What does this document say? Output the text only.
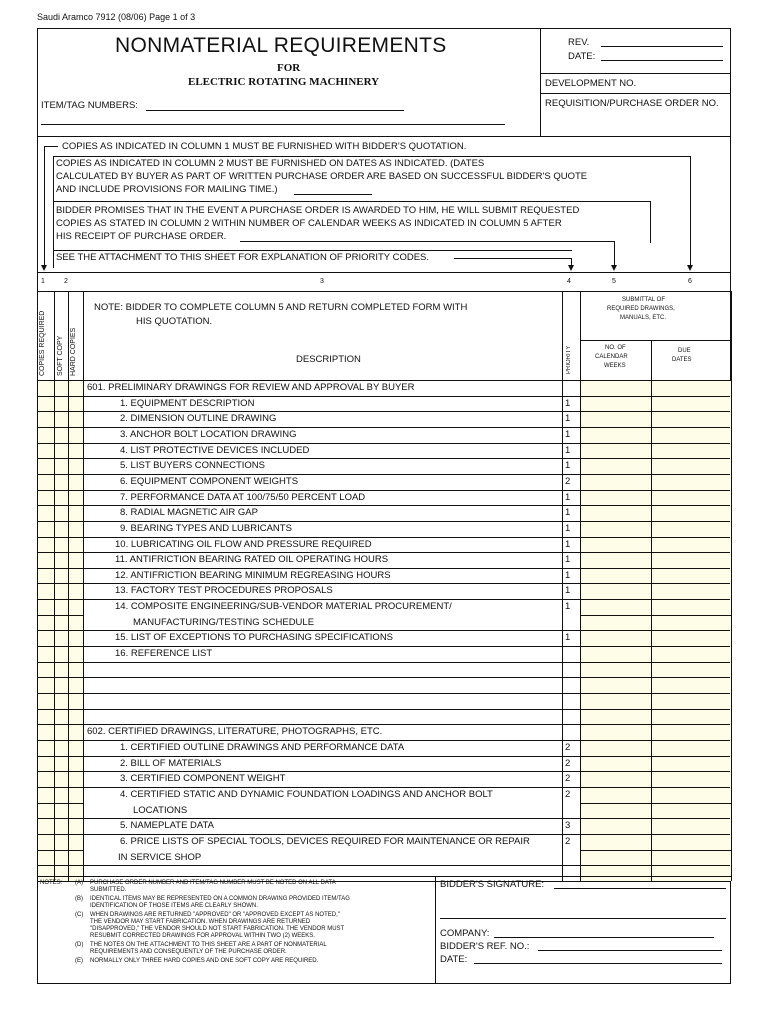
Saudi Aramco 7912 (08/06) Page 1 of 3
NONMATERIAL REQUIREMENTS
FOR
ELECTRIC ROTATING MACHINERY
ITEM/TAG NUMBERS:
REV.
DATE:
DEVELOPMENT NO.
REQUISITION/PURCHASE ORDER NO.
COPIES AS INDICATED IN COLUMN 1 MUST BE FURNISHED WITH BIDDER'S QUOTATION.
COPIES AS INDICATED IN COLUMN 2 MUST BE FURNISHED ON DATES AS INDICATED. (DATES
CALCULATED BY BUYER AS PART OF WRITTEN PURCHASE ORDER ARE BASED ON SUCCESSFUL BIDDER'S QUOTE
AND INCLUDE PROVISIONS FOR MAILING TIME.)
BIDDER PROMISES THAT IN THE EVENT A PURCHASE ORDER IS AWARDED TO HIM, HE WILL SUBMIT REQUESTED
COPIES AS STATED IN COLUMN 2 WITHIN NUMBER OF CALENDAR WEEKS AS INDICATED IN COLUMN 5 AFTER
HIS RECEIPT OF PURCHASE ORDER.
SEE THE ATTACHMENT TO THIS SHEET FOR EXPLANATION OF PRIORITY CODES.
1	2	3	4	5	6
COPIES REQUIRED SOFT COPY HARD COPIES
NOTE: BIDDER TO COMPLETE COLUMN 5 AND RETURN COMPLETED FORM WITH
HIS QUOTATION.
DESCRIPTION	PRIORITY
SUBMITTAL OF
REQUIRED DRAWINGS,
MANUALS, ETC.
NO. OF
CALENDAR
WEEKS
DUE
DATES
601. PRELIMINARY DRAWINGS FOR REVIEW AND APPROVAL BY BUYER
1. EQUIPMENT DESCRIPTION	1
2. DIMENSION OUTLINE DRAWING	1
3. ANCHOR BOLT LOCATION DRAWING	1
4. LIST PROTECTIVE DEVICES INCLUDED	1
5. LIST BUYERS CONNECTIONS	1
6. EQUIPMENT COMPONENT WEIGHTS	2
7. PERFORMANCE DATA AT 100/75/50 PERCENT LOAD	1
8. RADIAL MAGNETIC AIR GAP	1
9. BEARING TYPES AND LUBRICANTS	1
10. LUBRICATING OIL FLOW AND PRESSURE REQUIRED	1
11. ANTIFRICTION BEARING RATED OIL OPERATING HOURS	1
12. ANTIFRICTION BEARING MINIMUM REGREASING HOURS	1
13. FACTORY TEST PROCEDURES PROPOSALS	1
14. COMPOSITE ENGINEERING/SUB-VENDOR MATERIAL PROCUREMENT/	1
MANUFACTURING/TESTING SCHEDULE
15. LIST OF EXCEPTIONS TO PURCHASING SPECIFICATIONS	1
16. REFERENCE LIST
602. CERTIFIED DRAWINGS, LITERATURE, PHOTOGRAPHS, ETC.
1. CERTIFIED OUTLINE DRAWINGS AND PERFORMANCE DATA	2
2. BILL OF MATERIALS	2
3. CERTIFIED COMPONENT WEIGHT	2
4. CERTIFIED STATIC AND DYNAMIC FOUNDATION LOADINGS AND ANCHOR BOLT	2
LOCATIONS
5. NAMEPLATE DATA	3
6. PRICE LISTS OF SPECIAL TOOLS, DEVICES REQUIRED FOR MAINTENANCE OR REPAIR	2
IN SERVICE SHOP
NOTES: (A) PURCHASE ORDER NUMBER AND ITEM/TAG NUMBER MUST BE NOTED ON ALL DATA
SUBMITTED.
(B) IDENTICAL ITEMS MAY BE REPRESENTED ON A COMMON DRAWING PROVIDED ITEM/TAG
IDENTIFICATION OF THOSE ITEMS ARE CLEARLY SHOWN.
(C) WHEN DRAWINGS ARE RETURNED "APPROVED" OR "APPROVED EXCEPT AS NOTED,"
THE VENDOR MAY START FABRICATION. WHEN DRAWINGS ARE RETURNED
"DISAPPROVED," THE VENDOR SHOULD NOT START FABRICATION. THE VENDOR MUST
RESUBMIT CORRECTED DRAWINGS FOR APPROVAL WITHIN TWO (2) WEEKS.
(D) THE NOTES ON THE ATTACHMENT TO THIS SHEET ARE A PART OF NONMATERIAL
REQUIREMENTS AND CONSEQUENTLY OF THE PURCHASE ORDER.
(E) NORMALLY ONLY THREE HARD COPIES AND ONE SOFT COPY ARE REQUIRED.
BIDDER'S SIGNATURE:
COMPANY:
BIDDER'S REF. NO.:
DATE:
